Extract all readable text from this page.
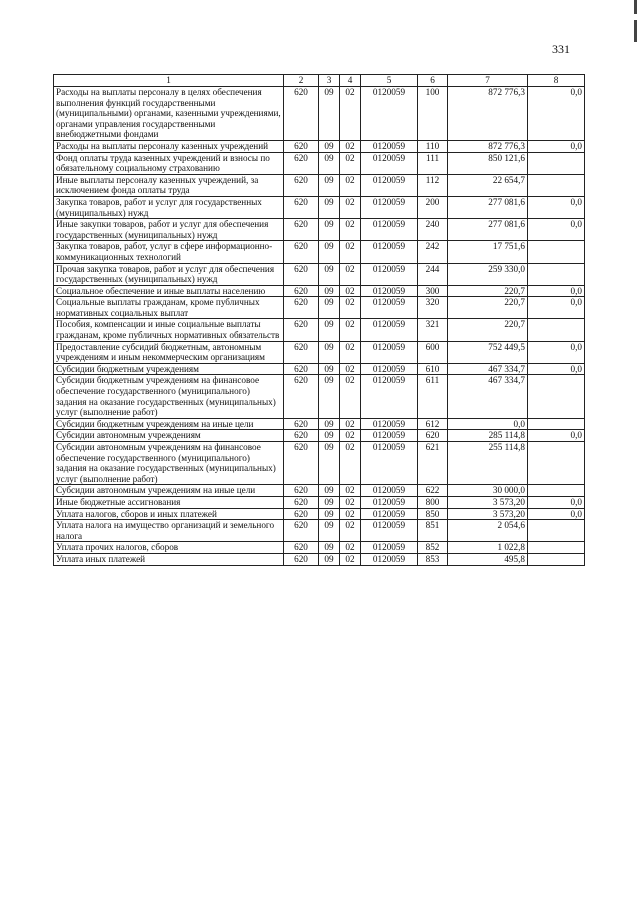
331
1	2	3	4	5	6	7	8
Расходы на выплаты персоналу в целях обеспечения выполнения функций государственными (муниципальными) органами, казенными учреждениями, органами управления государственными внебюджетными фондами	620	09	02	0120059	100	872 776,3	0,0
Расходы на выплаты персоналу казенных учреждений	620	09	02	0120059	110	872 776,3	0,0
Фонд оплаты труда казенных учреждений и взносы по обязательному социальному страхованию	620	09	02	0120059	111	850 121,6	
Иные выплаты персоналу казенных учреждений, за исключением фонда оплаты труда	620	09	02	0120059	112	22 654,7	
Закупка товаров, работ и услуг для государственных (муниципальных) нужд	620	09	02	0120059	200	277 081,6	0,0
Иные закупки товаров, работ и услуг для обеспечения государственных (муниципальных) нужд	620	09	02	0120059	240	277 081,6	0,0
Закупка товаров, работ, услуг в сфере информационно-коммуникационных технологий	620	09	02	0120059	242	17 751,6	
Прочая закупка товаров, работ и услуг для обеспечения государственных (муниципальных) нужд	620	09	02	0120059	244	259 330,0	
Социальное обеспечение и иные выплаты населению	620	09	02	0120059	300	220,7	0,0
Социальные выплаты гражданам, кроме публичных нормативных социальных выплат	620	09	02	0120059	320	220,7	0,0
Пособия, компенсации и иные социальные выплаты гражданам, кроме публичных нормативных обязательств	620	09	02	0120059	321	220,7	
Предоставление субсидий бюджетным, автономным учреждениям и иным некоммерческим организациям	620	09	02	0120059	600	752 449,5	0,0
Субсидии бюджетным учреждениям	620	09	02	0120059	610	467 334,7	0,0
Субсидии бюджетным учреждениям на финансовое обеспечение государственного (муниципального) задания на оказание государственных (муниципальных) услуг (выполнение работ)	620	09	02	0120059	611	467 334,7	
Субсидии бюджетным учреждениям на иные цели	620	09	02	0120059	612	0,0	
Субсидии автономным учреждениям	620	09	02	0120059	620	285 114,8	0,0
Субсидии автономным учреждениям на финансовое обеспечение государственного (муниципального) задания на оказание государственных (муниципальных) услуг (выполнение работ)	620	09	02	0120059	621	255 114,8	
Субсидии автономным учреждениям на иные цели	620	09	02	0120059	622	30 000,0	
Иные бюджетные ассигнования	620	09	02	0120059	800	3 573,20	0,0
Уплата налогов, сборов и иных платежей	620	09	02	0120059	850	3 573,20	0,0
Уплата налога на имущество организаций и земельного налога	620	09	02	0120059	851	2 054,6	
Уплата прочих налогов, сборов	620	09	02	0120059	852	1 022,8	
Уплата иных платежей	620	09	02	0120059	853	495,8	
